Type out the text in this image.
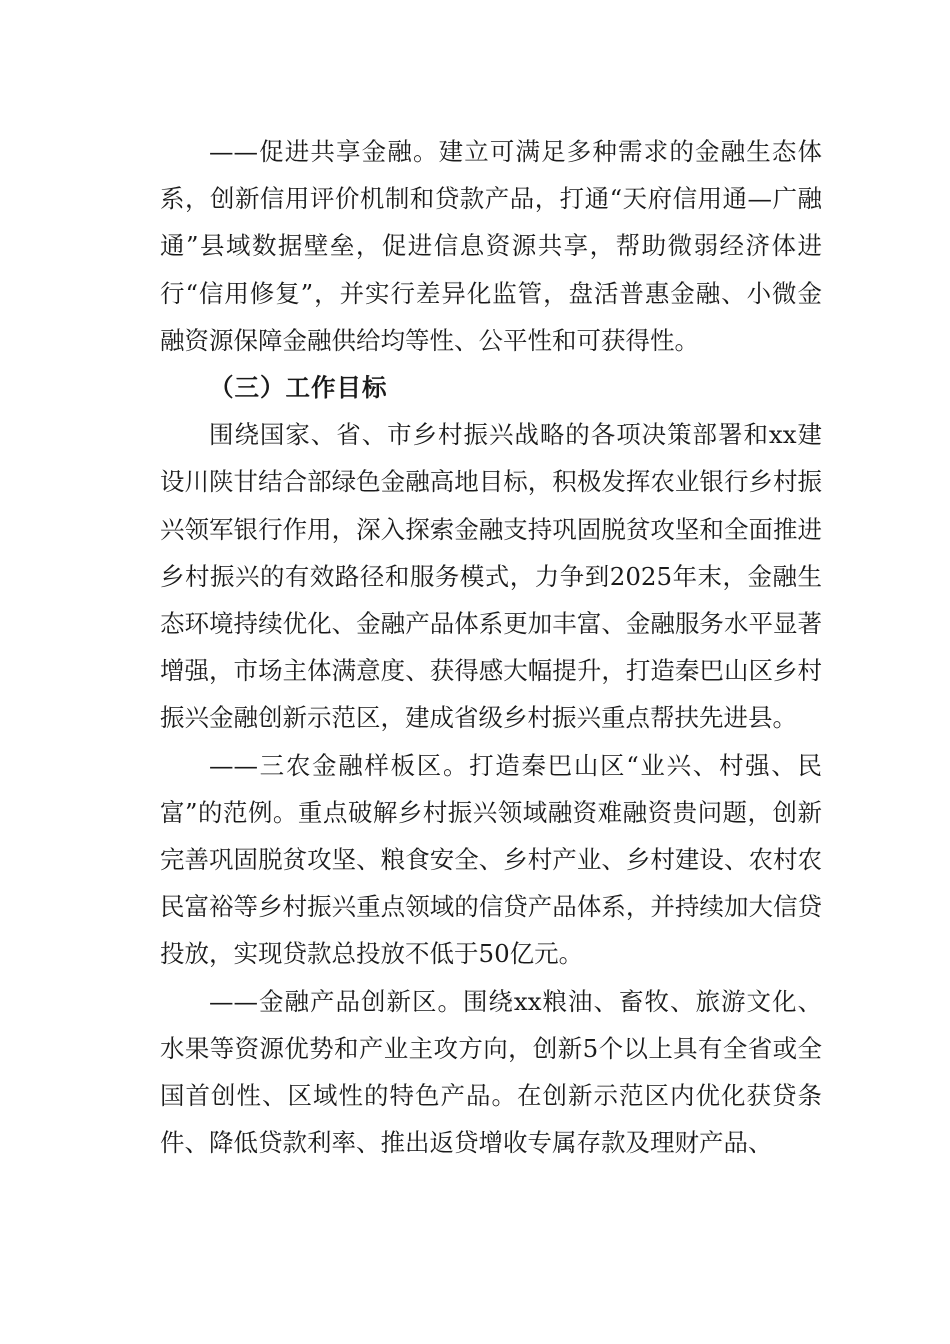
——促进共享金融。建立可满足多种需求的金融生态体系，创新信用评价机制和贷款产品，打通“天府信用通—广融通”县域数据壁垒，促进信息资源共享，帮助微弱经济体进行“信用修复”，并实行差异化监管，盘活普惠金融、小微金融资源保障金融供给均等性、公平性和可获得性。

（三）工作目标

围绕国家、省、市乡村振兴战略的各项决策部署和xx建设川陕甘结合部绿色金融高地目标，积极发挥农业银行乡村振兴领军银行作用，深入探索金融支持巩固脱贫攻坚和全面推进乡村振兴的有效路径和服务模式，力争到2025年末，金融生态环境持续优化、金融产品体系更加丰富、金融服务水平显著增强，市场主体满意度、获得感大幅提升，打造秦巴山区乡村振兴金融创新示范区，建成省级乡村振兴重点帮扶先进县。

——三农金融样板区。打造秦巴山区“业兴、村强、民富”的范例。重点破解乡村振兴领域融资难融资贵问题，创新完善巩固脱贫攻坚、粮食安全、乡村产业、乡村建设、农村农民富裕等乡村振兴重点领域的信贷产品体系，并持续加大信贷投放，实现贷款总投放不低于50亿元。

——金融产品创新区。围绕xx粮油、畜牧、旅游文化、水果等资源优势和产业主攻方向，创新5个以上具有全省或全国首创性、区域性的特色产品。在创新示范区内优化获贷条件、降低贷款利率、推出返贷增收专属存款及理财产品、
